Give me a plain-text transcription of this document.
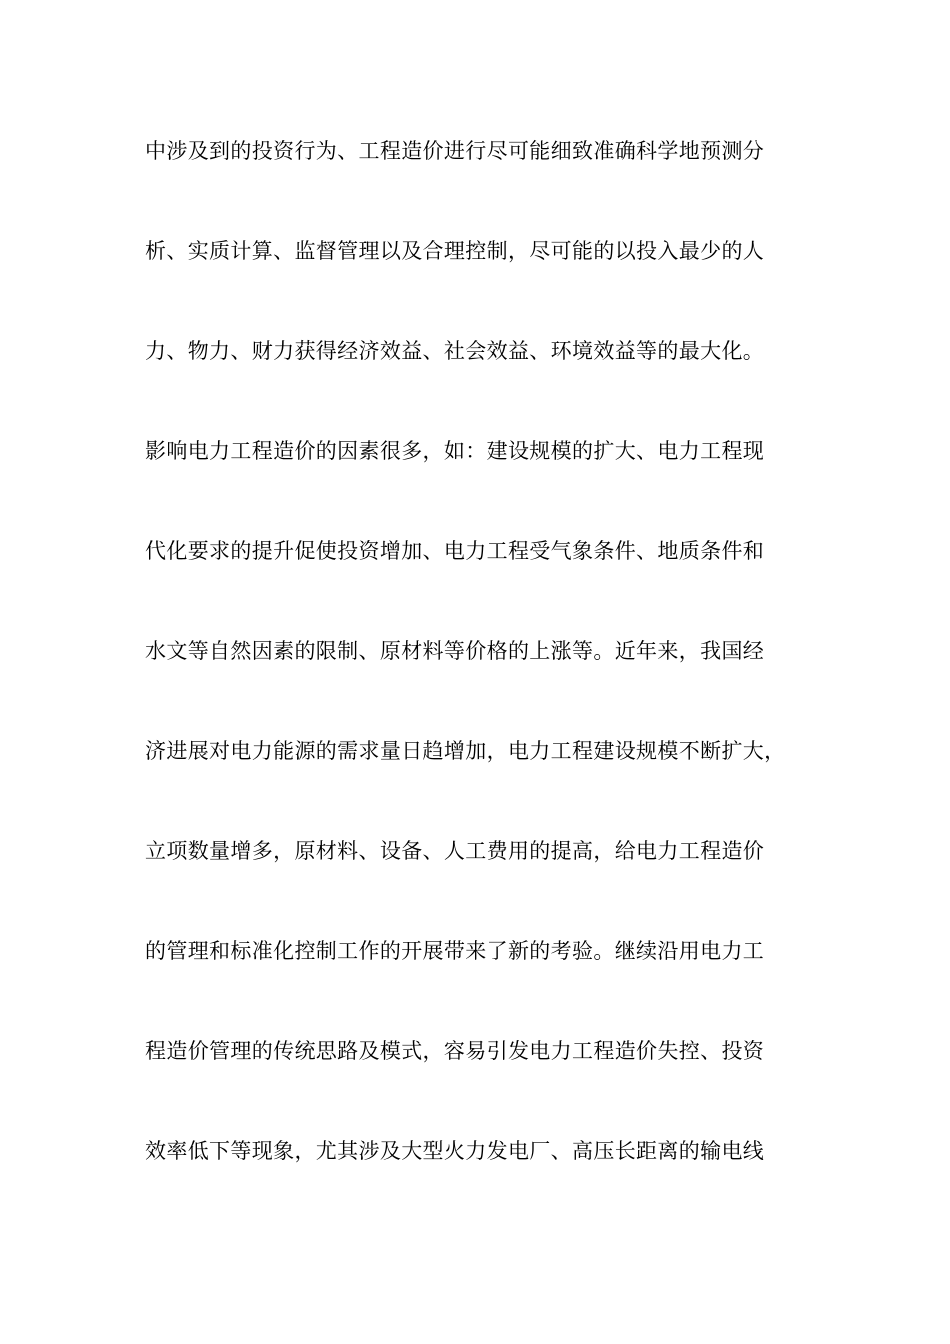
中涉及到的投资行为、工程造价进行尽可能细致准确科学地预测分
析、实质计算、监督管理以及合理控制，尽可能的以投入最少的人
力、物力、财力获得经济效益、社会效益、环境效益等的最大化。
影响电力工程造价的因素很多，如：建设规模的扩大、电力工程现
代化要求的提升促使投资增加、电力工程受气象条件、地质条件和
水文等自然因素的限制、原材料等价格的上涨等。近年来，我国经
济进展对电力能源的需求量日趋增加，电力工程建设规模不断扩大，
立项数量增多，原材料、设备、人工费用的提高，给电力工程造价
的管理和标准化控制工作的开展带来了新的考验。继续沿用电力工
程造价管理的传统思路及模式，容易引发电力工程造价失控、投资
效率低下等现象，尤其涉及大型火力发电厂、高压长距离的输电线
